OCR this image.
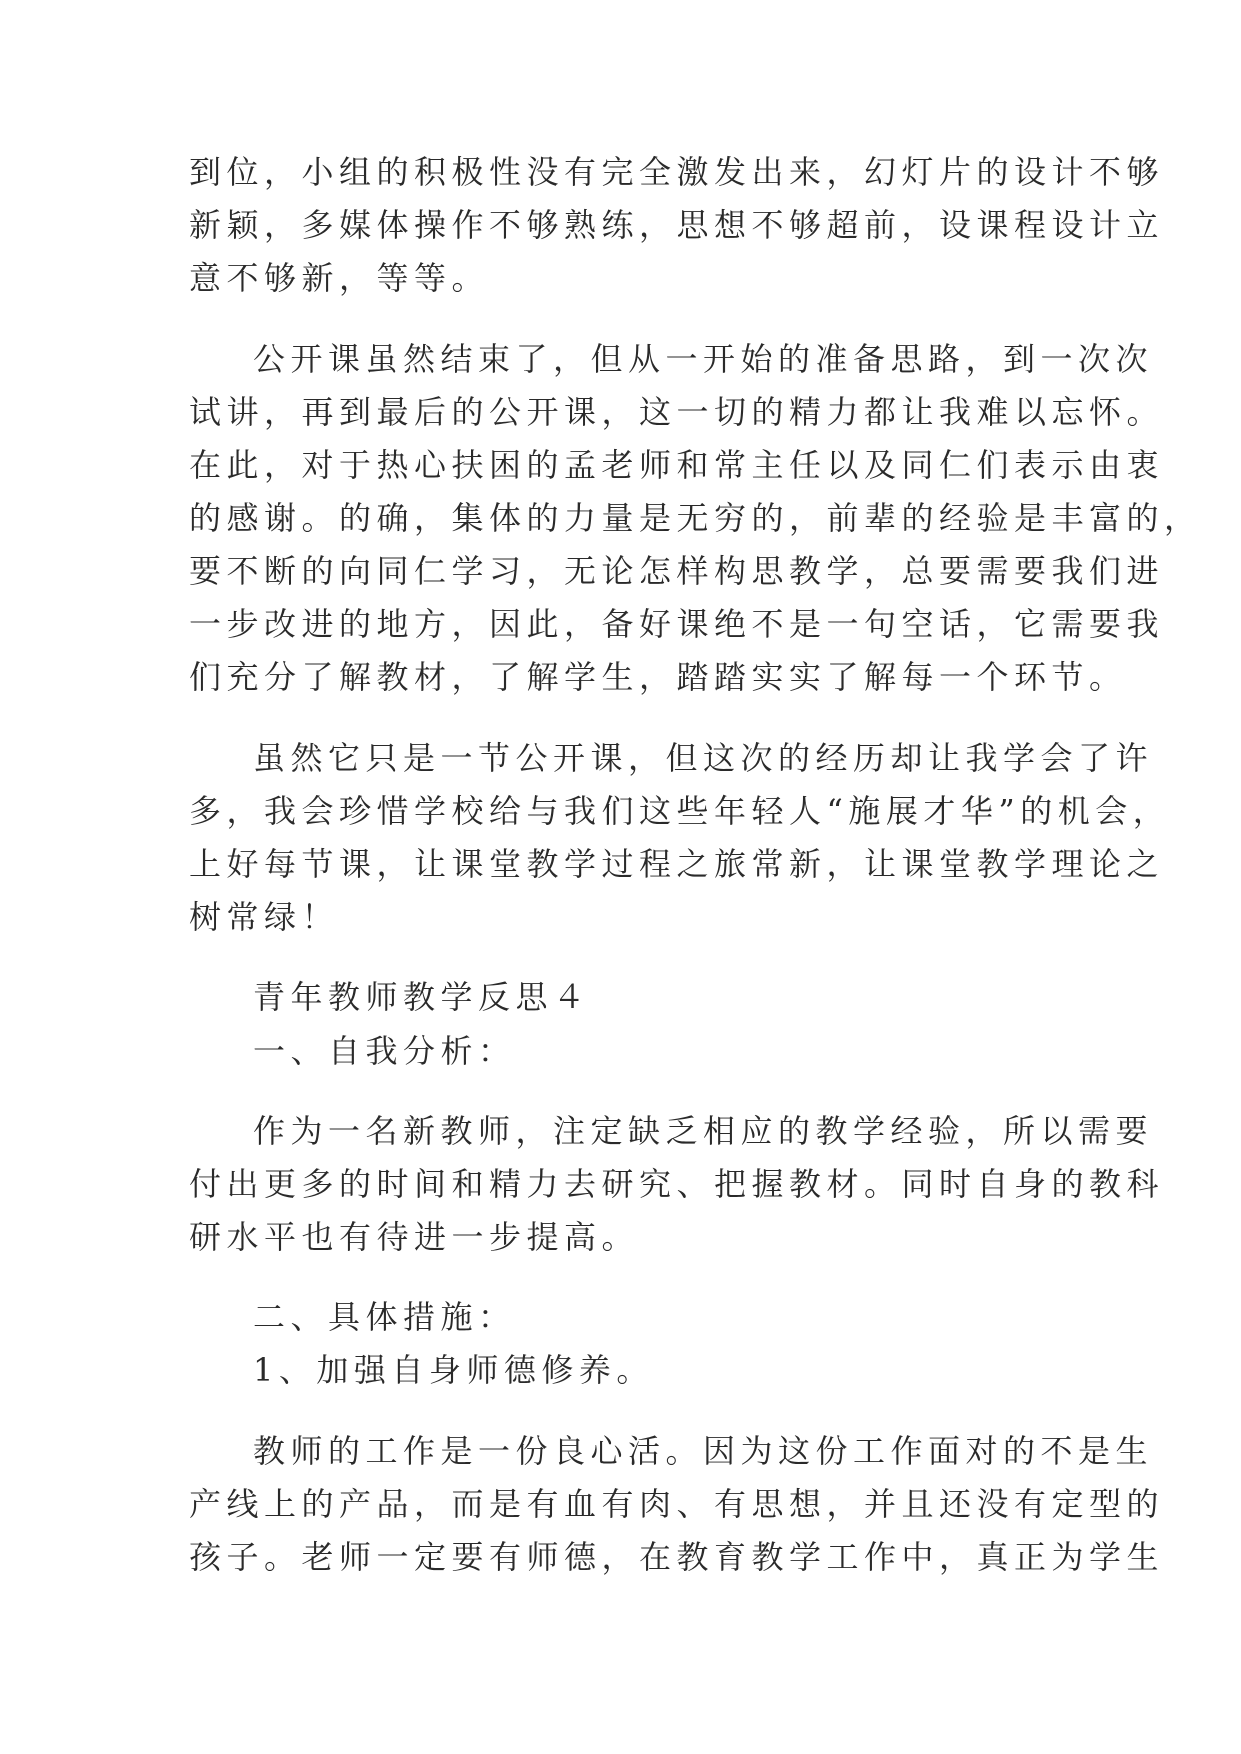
到位，小组的积极性没有完全激发出来，幻灯片的设计不够
新颖，多媒体操作不够熟练，思想不够超前，设课程设计立
意不够新，等等。
公开课虽然结束了，但从一开始的准备思路，到一次次
试讲，再到最后的公开课，这一切的精力都让我难以忘怀。
在此，对于热心扶困的孟老师和常主任以及同仁们表示由衷
的感谢。的确，集体的力量是无穷的，前辈的经验是丰富的，
要不断的向同仁学习，无论怎样构思教学，总要需要我们进
一步改进的地方，因此，备好课绝不是一句空话，它需要我
们充分了解教材，了解学生，踏踏实实了解每一个环节。
虽然它只是一节公开课，但这次的经历却让我学会了许
多，我会珍惜学校给与我们这些年轻人“施展才华”的机会，
上好每节课，让课堂教学过程之旅常新，让课堂教学理论之
树常绿！
青年教师教学反思４
一、自我分析：
作为一名新教师，注定缺乏相应的教学经验，所以需要
付出更多的时间和精力去研究、把握教材。同时自身的教科
研水平也有待进一步提高。
二、具体措施：
1、加强自身师德修养。
教师的工作是一份良心活。因为这份工作面对的不是生
产线上的产品，而是有血有肉、有思想，并且还没有定型的
孩子。老师一定要有师德，在教育教学工作中，真正为学生
